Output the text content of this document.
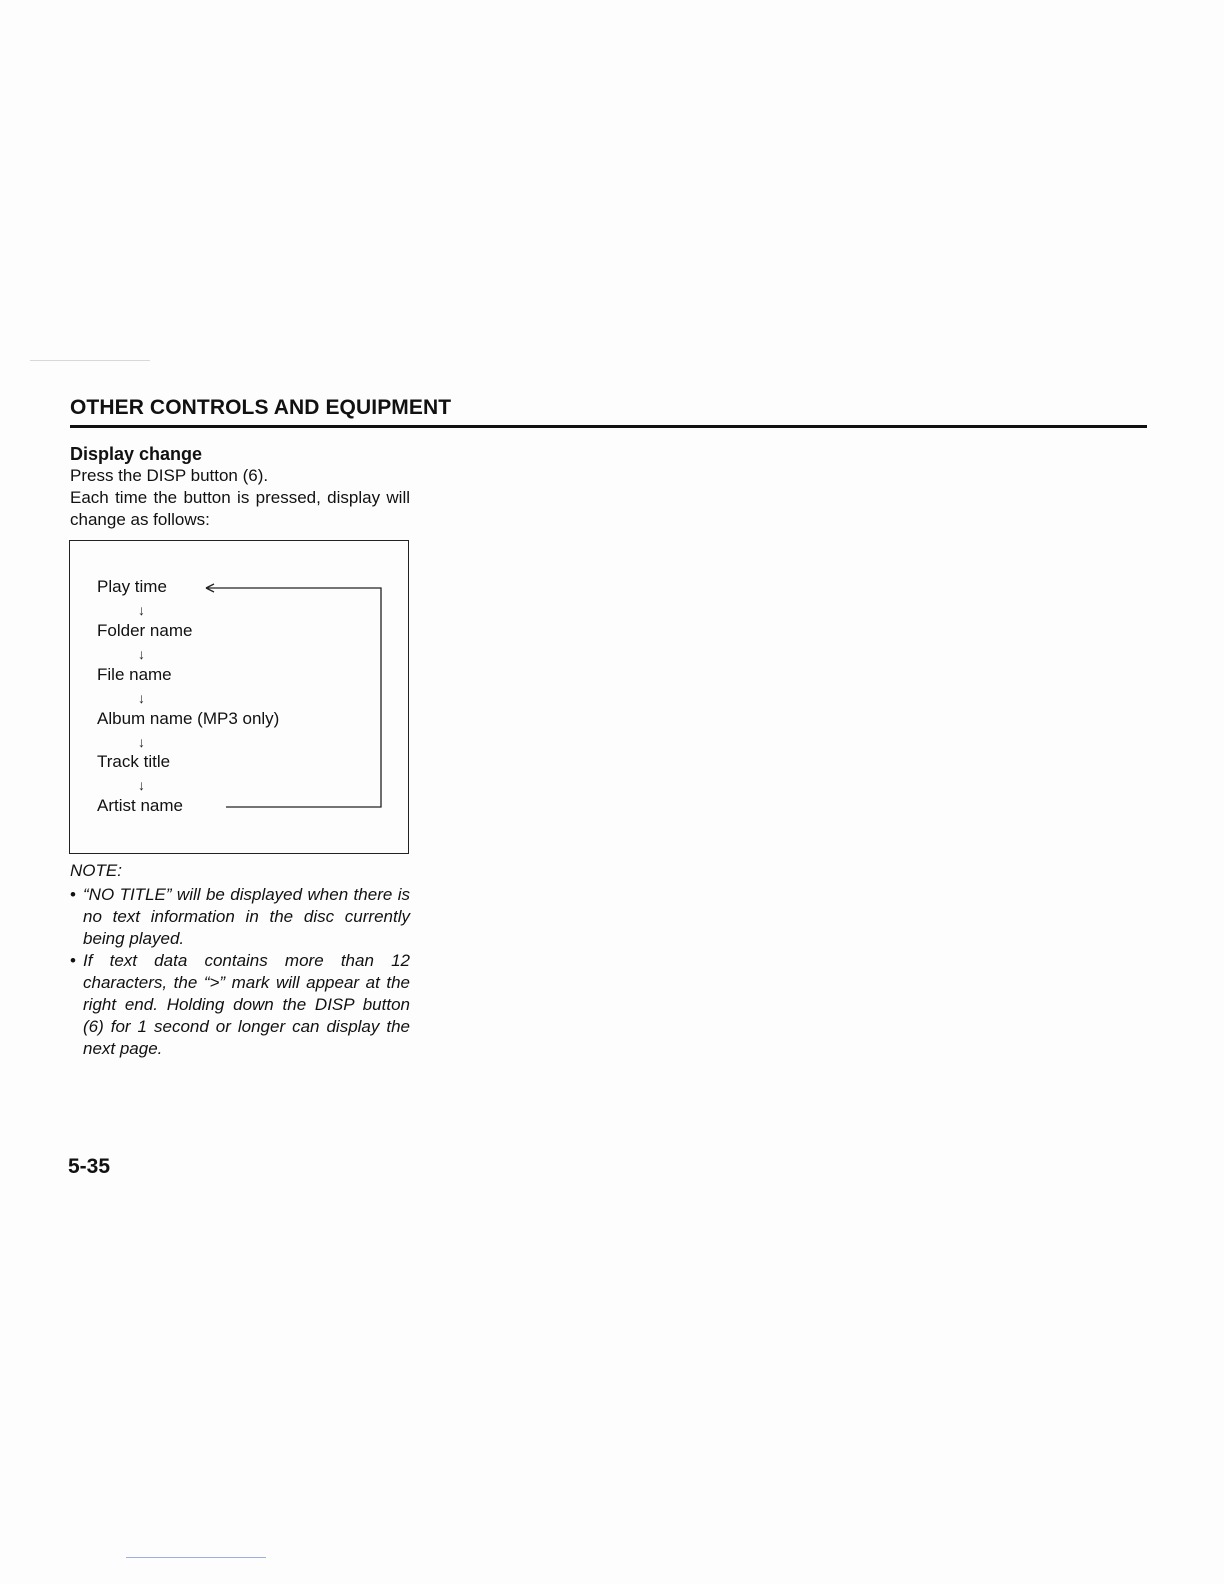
OTHER CONTROLS AND EQUIPMENT

Display change

Press the DISP button (6).

Each time the button is pressed, display will change as follows:

Play time
↓
Folder name
↓
File name
↓
Album name (MP3 only)
↓
Track title
↓
Artist name
NOTE:
• “NO TITLE” will be displayed when there is no text information in the disc currently being played.
• If text data contains more than 12 characters, the “>” mark will appear at the right end. Holding down the DISP button (6) for 1 second or longer can display the next page.
5-35
